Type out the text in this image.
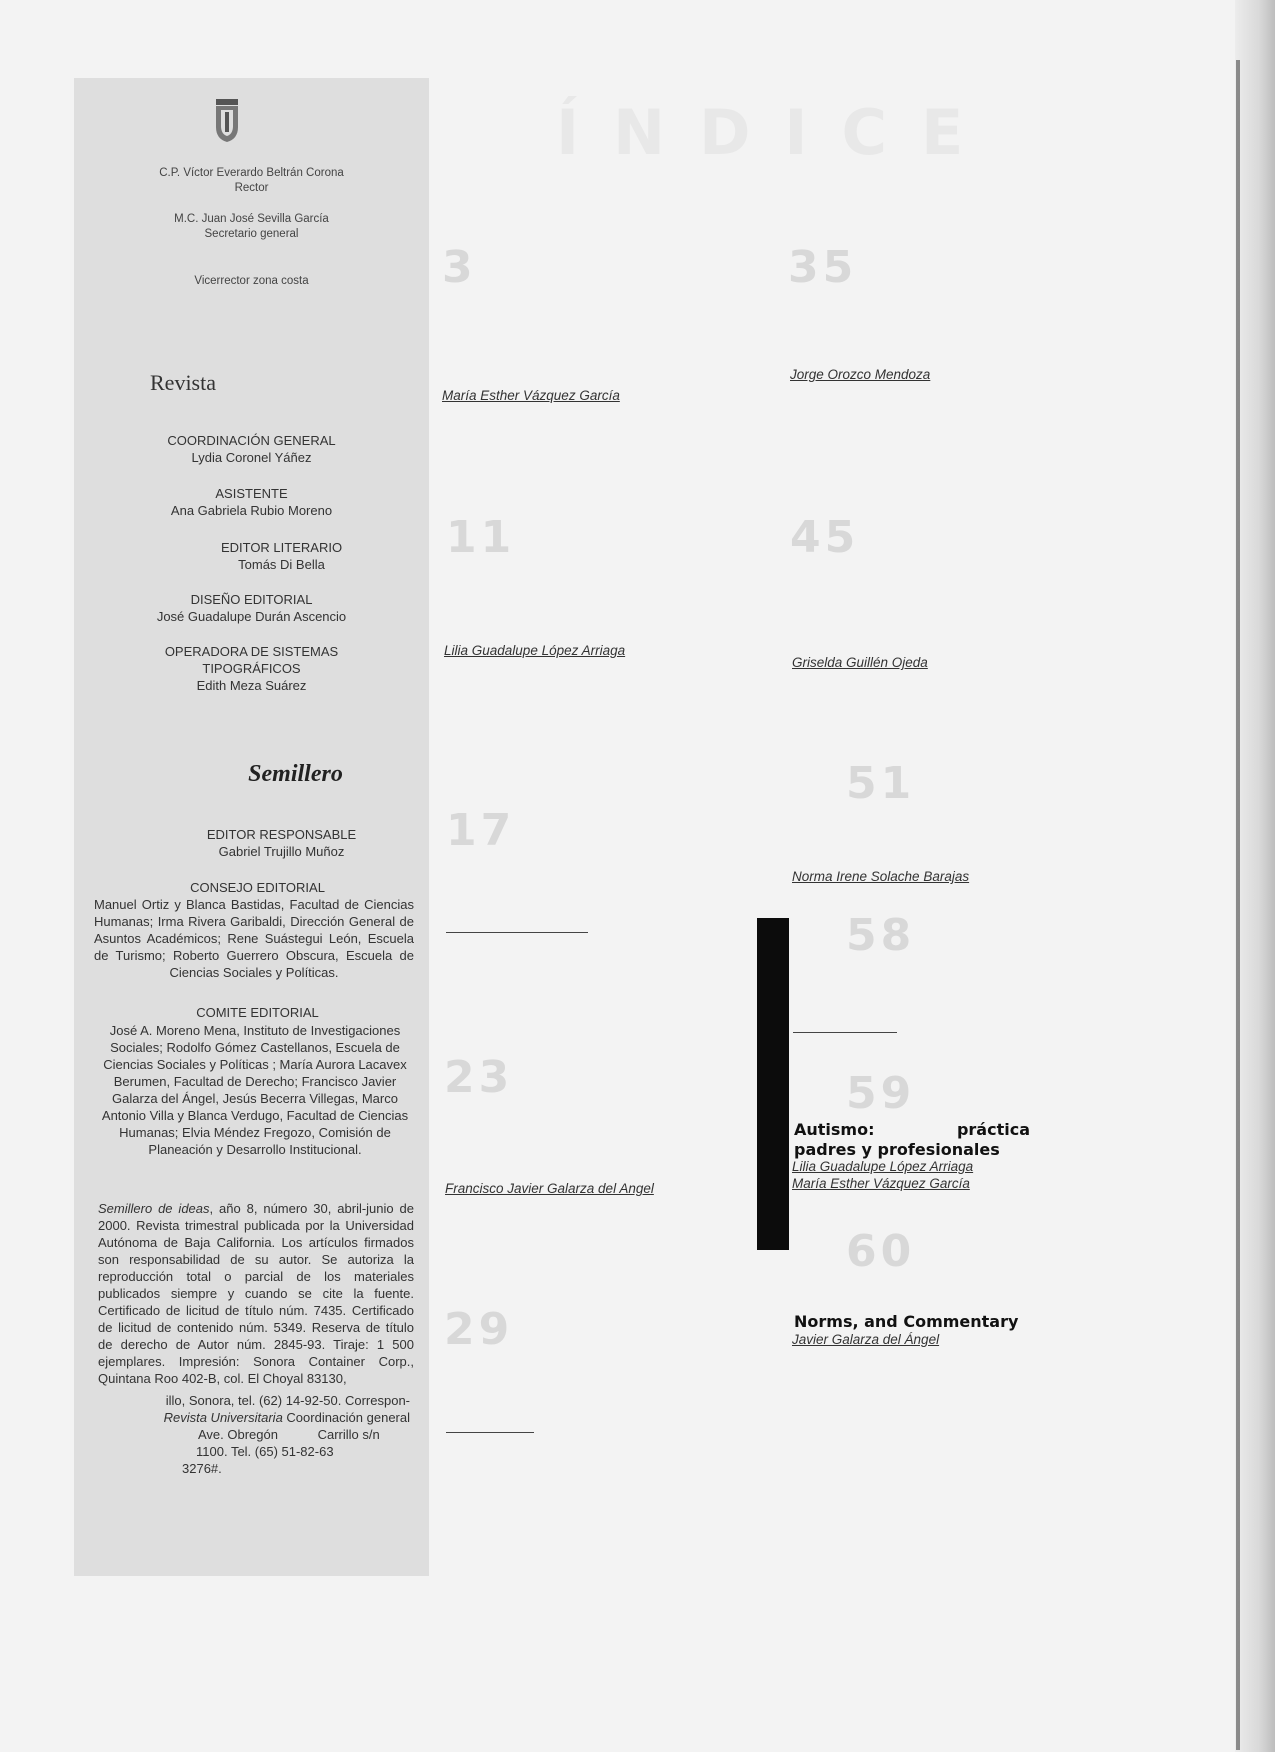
C.P. Víctor Everardo Beltrán Corona
Rector
M.C. Juan José Sevilla García
Secretario general
Vicerrector zona costa
Revista
COORDINACIÓN GENERAL
Lydia Coronel Yáñez
ASISTENTE
Ana Gabriela Rubio Moreno
EDITOR LITERARIO
Tomás Di Bella
DISEÑO EDITORIAL
José Guadalupe Durán Ascencio
OPERADORA DE SISTEMAS
TIPOGRÁFICOS
Edith Meza Suárez
Semillero
EDITOR RESPONSABLE
Gabriel Trujillo Muñoz
CONSEJO EDITORIAL
Manuel Ortiz y Blanca Bastidas, Facultad de Ciencias Humanas; Irma Rivera Garibaldi, Dirección General de Asuntos Académicos; Rene Suástegui León, Escuela de Turismo; Roberto Guerrero Obscura, Escuela de Ciencias Sociales y Políticas.
COMITE EDITORIAL
José A. Moreno Mena, Instituto de Investigaciones Sociales; Rodolfo Gómez Castellanos, Escuela de Ciencias Sociales y Políticas ; María Aurora Lacavex Berumen, Facultad de Derecho; Francisco Javier Galarza del Ángel, Jesús Becerra Villegas, Marco Antonio Villa y Blanca Verdugo, Facultad de Ciencias Humanas; Elvia Méndez Fregozo, Comisión de Planeación y Desarrollo Institucional.
Semillero de ideas, año 8, número 30, abril-junio de 2000. Revista trimestral publicada por la Universidad Autónoma de Baja California. Los artículos firmados son responsabilidad de su autor. Se autoriza la reproducción total o parcial de los materiales publicados siempre y cuando se cite la fuente. Certificado de licitud de título núm. 7435. Certificado de licitud de contenido núm. 5349. Reserva de título de derecho de Autor núm. 2845-93. Tiraje: 1 500 ejemplares. Impresión: Sonora Container Corp., Quintana Roo 402-B, col. El Choyal 83130,
illo, Sonora, tel. (62) 14-92-50. Correspon-
Revista Universitaria Coordinación general
Ave. Obregón	Carrillo s/n
1100. Tel. (65) 51-82-63
3276#.
ÍNDICE
3
María Esther Vázquez García
11
Lilia Guadalupe López Arriaga
17
23
Francisco Javier Galarza del Angel
29
35
Jorge Orozco Mendoza
45
Griselda Guillén Ojeda
51
Norma Irene Solache Barajas
58
59
Autismo:	práctica
padres y profesionales
Lilia Guadalupe López Arriaga
María Esther Vázquez García
60
Norms, and Commentary
Javier Galarza del Ángel
